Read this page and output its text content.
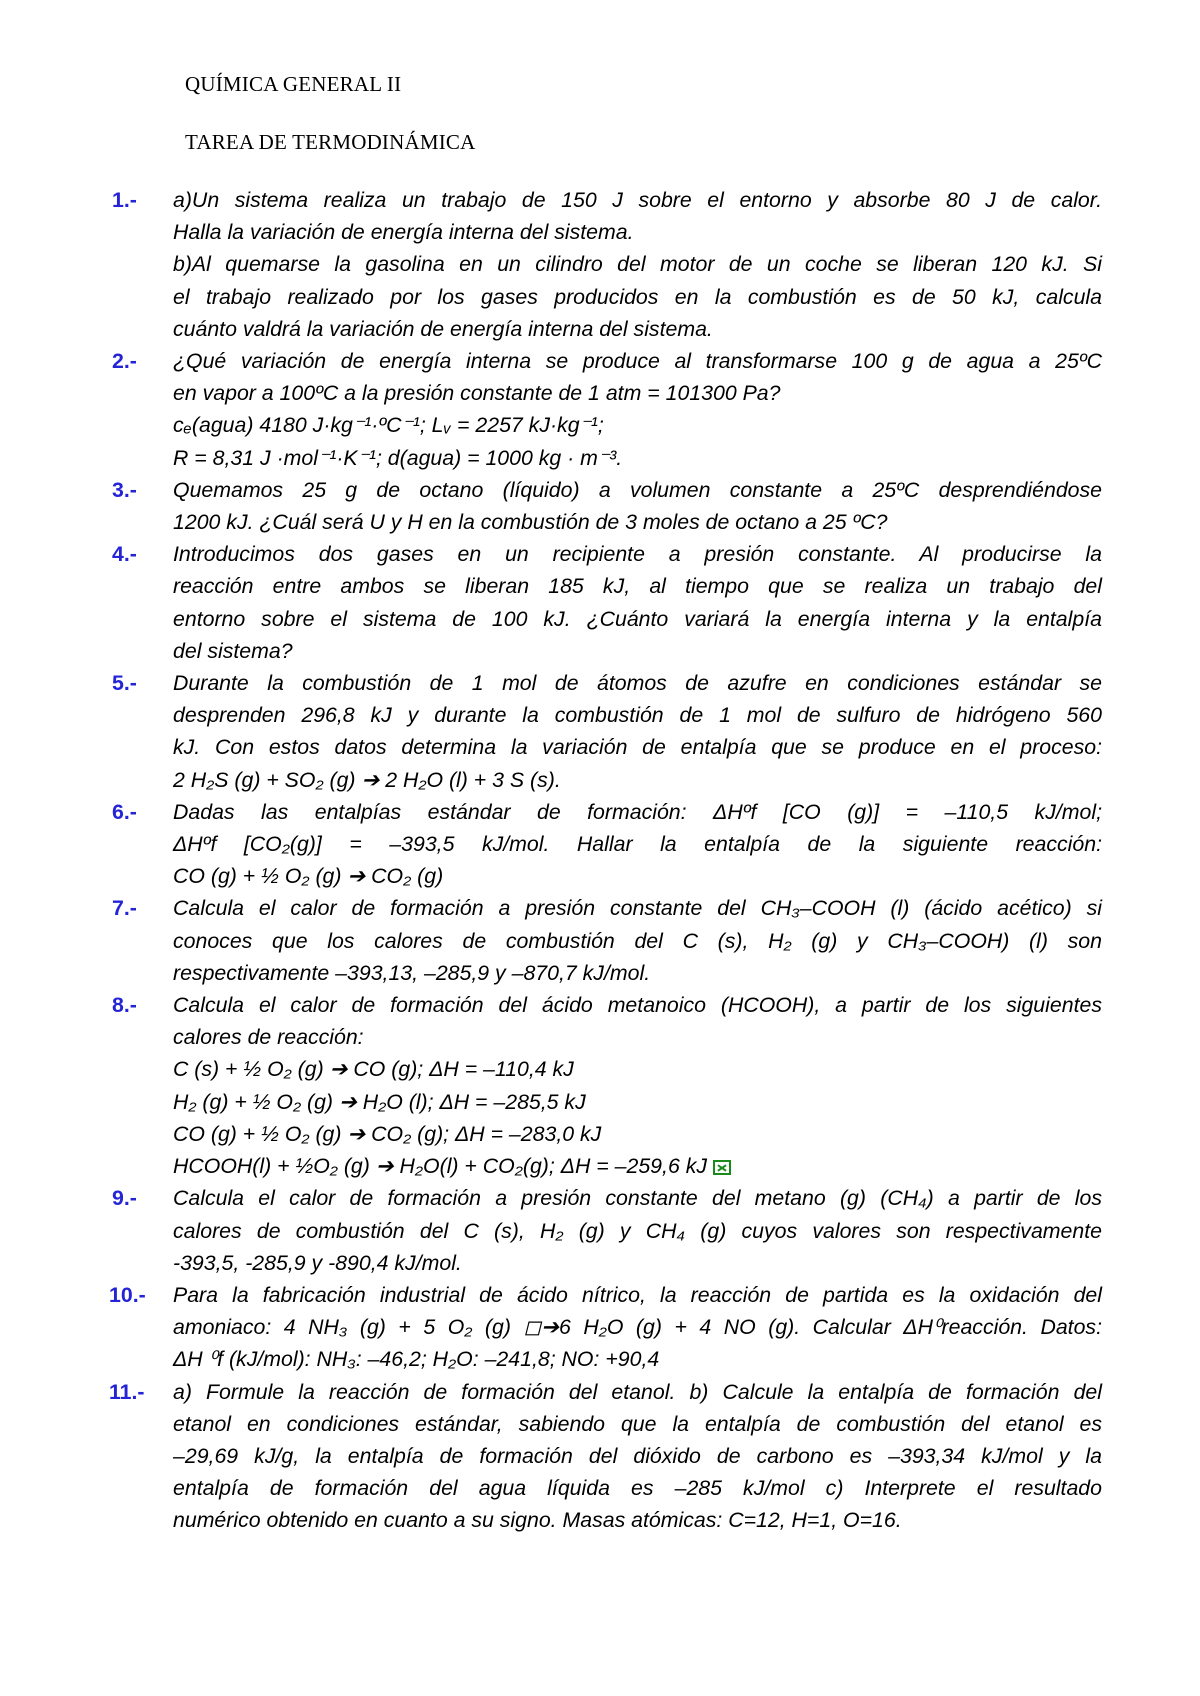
QUÍMICA GENERAL II
TAREA DE TERMODINÁMICA
1.-	a)Un sistema realiza un trabajo de 150 J sobre el entorno y absorbe 80 J de calor.
Halla la variación de energía interna del sistema.
b)Al quemarse la gasolina en un cilindro del motor de un coche se liberan 120 kJ. Si
el trabajo realizado por los gases producidos en la combustión es de 50 kJ, calcula
cuánto valdrá la variación de energía interna del sistema.
2.-	¿Qué variación de energía interna se produce al transformarse 100 g de agua a 25ºC
en vapor a 100ºC a la presión constante de 1 atm = 101300 Pa?
cₑ(agua) 4180 J·kg⁻¹·ºC⁻¹; Lᵥ = 2257 kJ·kg⁻¹;
R = 8,31 J ·mol⁻¹·K⁻¹; d(agua) = 1000 kg · m⁻³.
3.-	Quemamos 25 g de octano (líquido) a volumen constante a 25ºC desprendiéndose
1200 kJ. ¿Cuál será U y H en la combustión de 3 moles de octano a 25 ºC?
4.-	Introducimos dos gases en un recipiente a presión constante. Al producirse la
reacción entre ambos se liberan 185 kJ, al tiempo que se realiza un trabajo del
entorno sobre el sistema de 100 kJ. ¿Cuánto variará la energía interna y la entalpía
del sistema?
5.-	Durante la combustión de 1 mol de átomos de azufre en condiciones estándar se
desprenden 296,8 kJ y durante la combustión de 1 mol de sulfuro de hidrógeno 560
kJ. Con estos datos determina la variación de entalpía que se produce en el proceso:
2 H₂S (g) + SO₂ (g) ➔ 2 H₂O (l) + 3 S (s).
6.-	Dadas las entalpías estándar de formación: ΔHºf [CO (g)] = –110,5 kJ/mol;
ΔHºf [CO₂(g)] = –393,5 kJ/mol. Hallar la entalpía de la siguiente reacción:
CO (g) + ½ O₂ (g) ➔ CO₂ (g)
7.-	Calcula el calor de formación a presión constante del CH₃–COOH (l) (ácido acético) si
conoces que los calores de combustión del C (s), H₂ (g) y CH₃–COOH) (l) son
respectivamente –393,13, –285,9 y –870,7 kJ/mol.
8.-	Calcula el calor de formación del ácido metanoico (HCOOH), a partir de los siguientes
calores de reacción:
C (s) + ½ O₂ (g) ➔ CO (g); ΔH = –110,4 kJ
H₂ (g) + ½ O₂ (g) ➔ H₂O (l); ΔH = –285,5 kJ
CO (g) + ½ O₂ (g) ➔ CO₂ (g); ΔH = –283,0 kJ
HCOOH(l) + ½O₂ (g) ➔ H₂O(l) + CO₂(g); ΔH = –259,6 kJ
9.-	Calcula el calor de formación a presión constante del metano (g) (CH₄) a partir de los
calores de combustión del C (s), H₂ (g) y CH₄ (g) cuyos valores son respectivamente
-393,5, -285,9 y -890,4 kJ/mol.
10.-	Para la fabricación industrial de ácido nítrico, la reacción de partida es la oxidación del
amoniaco: 4 NH₃ (g) + 5 O₂ (g) ◻➔6 H₂O (g) + 4 NO (g). Calcular ΔH⁰reacción. Datos:
ΔH ⁰f (kJ/mol): NH₃: –46,2; H₂O: –241,8; NO: +90,4
11.-	a) Formule la reacción de formación del etanol. b) Calcule la entalpía de formación del
etanol en condiciones estándar, sabiendo que la entalpía de combustión del etanol es
–29,69 kJ/g, la entalpía de formación del dióxido de carbono es –393,34 kJ/mol y la
entalpía de formación del agua líquida es –285 kJ/mol c) Interprete el resultado
numérico obtenido en cuanto a su signo. Masas atómicas: C=12, H=1, O=16.
